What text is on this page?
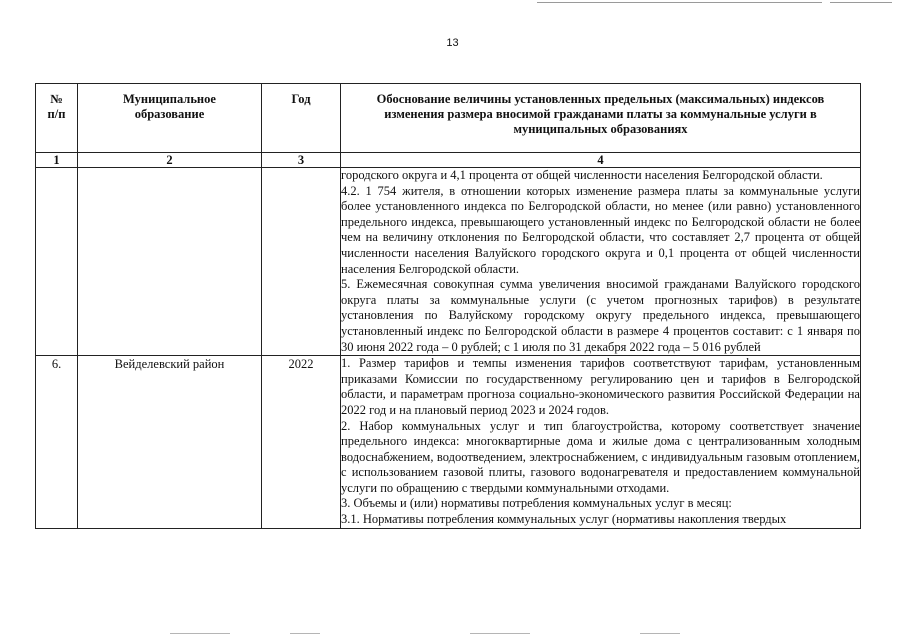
13
№
п/п	Муниципальное образование	Год	Обоснование величины установленных предельных (максимальных) индексов изменения размера вносимой гражданами платы за коммунальные услуги в муниципальных образованиях
1	2	3	4

			городского округа и 4,1 процента от общей численности населения Белгородской области.

4.2. 1 754 жителя, в отношении которых изменение размера платы за коммунальные услуги более установленного индекса по Белгородской области, но менее (или равно) установленного предельного индекса, превышающего установленный индекс по Белгородской области не более чем на величину отклонения по Белгородской области, что составляет 2,7 процента от общей численности населения Валуйского городского округа и 0,1 процента от общей численности населения Белгородской области.

5. Ежемесячная совокупная сумма увеличения вносимой гражданами Валуйского городского округа платы за коммунальные услуги (с учетом прогнозных тарифов) в результате установления по Валуйскому городскому округу предельного индекса, превышающего установленный индекс по Белгородской области в размере 4 процентов составит: с 1 января по 30 июня 2022 года – 0 рублей; с 1 июля по 31 декабря 2022 года – 5 016 рублей

6.	Вейделевский район	2022	1. Размер тарифов и темпы изменения тарифов соответствуют тарифам, установленным приказами Комиссии по государственному регулированию цен и тарифов в Белгородской области, и параметрам прогноза социально-экономического развития Российской Федерации на 2022 год и на плановый период 2023 и 2024 годов.

2. Набор коммунальных услуг и тип благоустройства, которому соответствует значение предельного индекса: многоквартирные дома и жилые дома с централизованным холодным водоснабжением, водоотведением, электроснабжением, с индивидуальным газовым отоплением, с использованием газовой плиты, газового водонагревателя и предоставлением коммунальной услуги по обращению с твердыми коммунальными отходами.

3. Объемы и (или) нормативы потребления коммунальных услуг в месяц:

3.1. Нормативы потребления коммунальных услуг (нормативы накопления твердых
